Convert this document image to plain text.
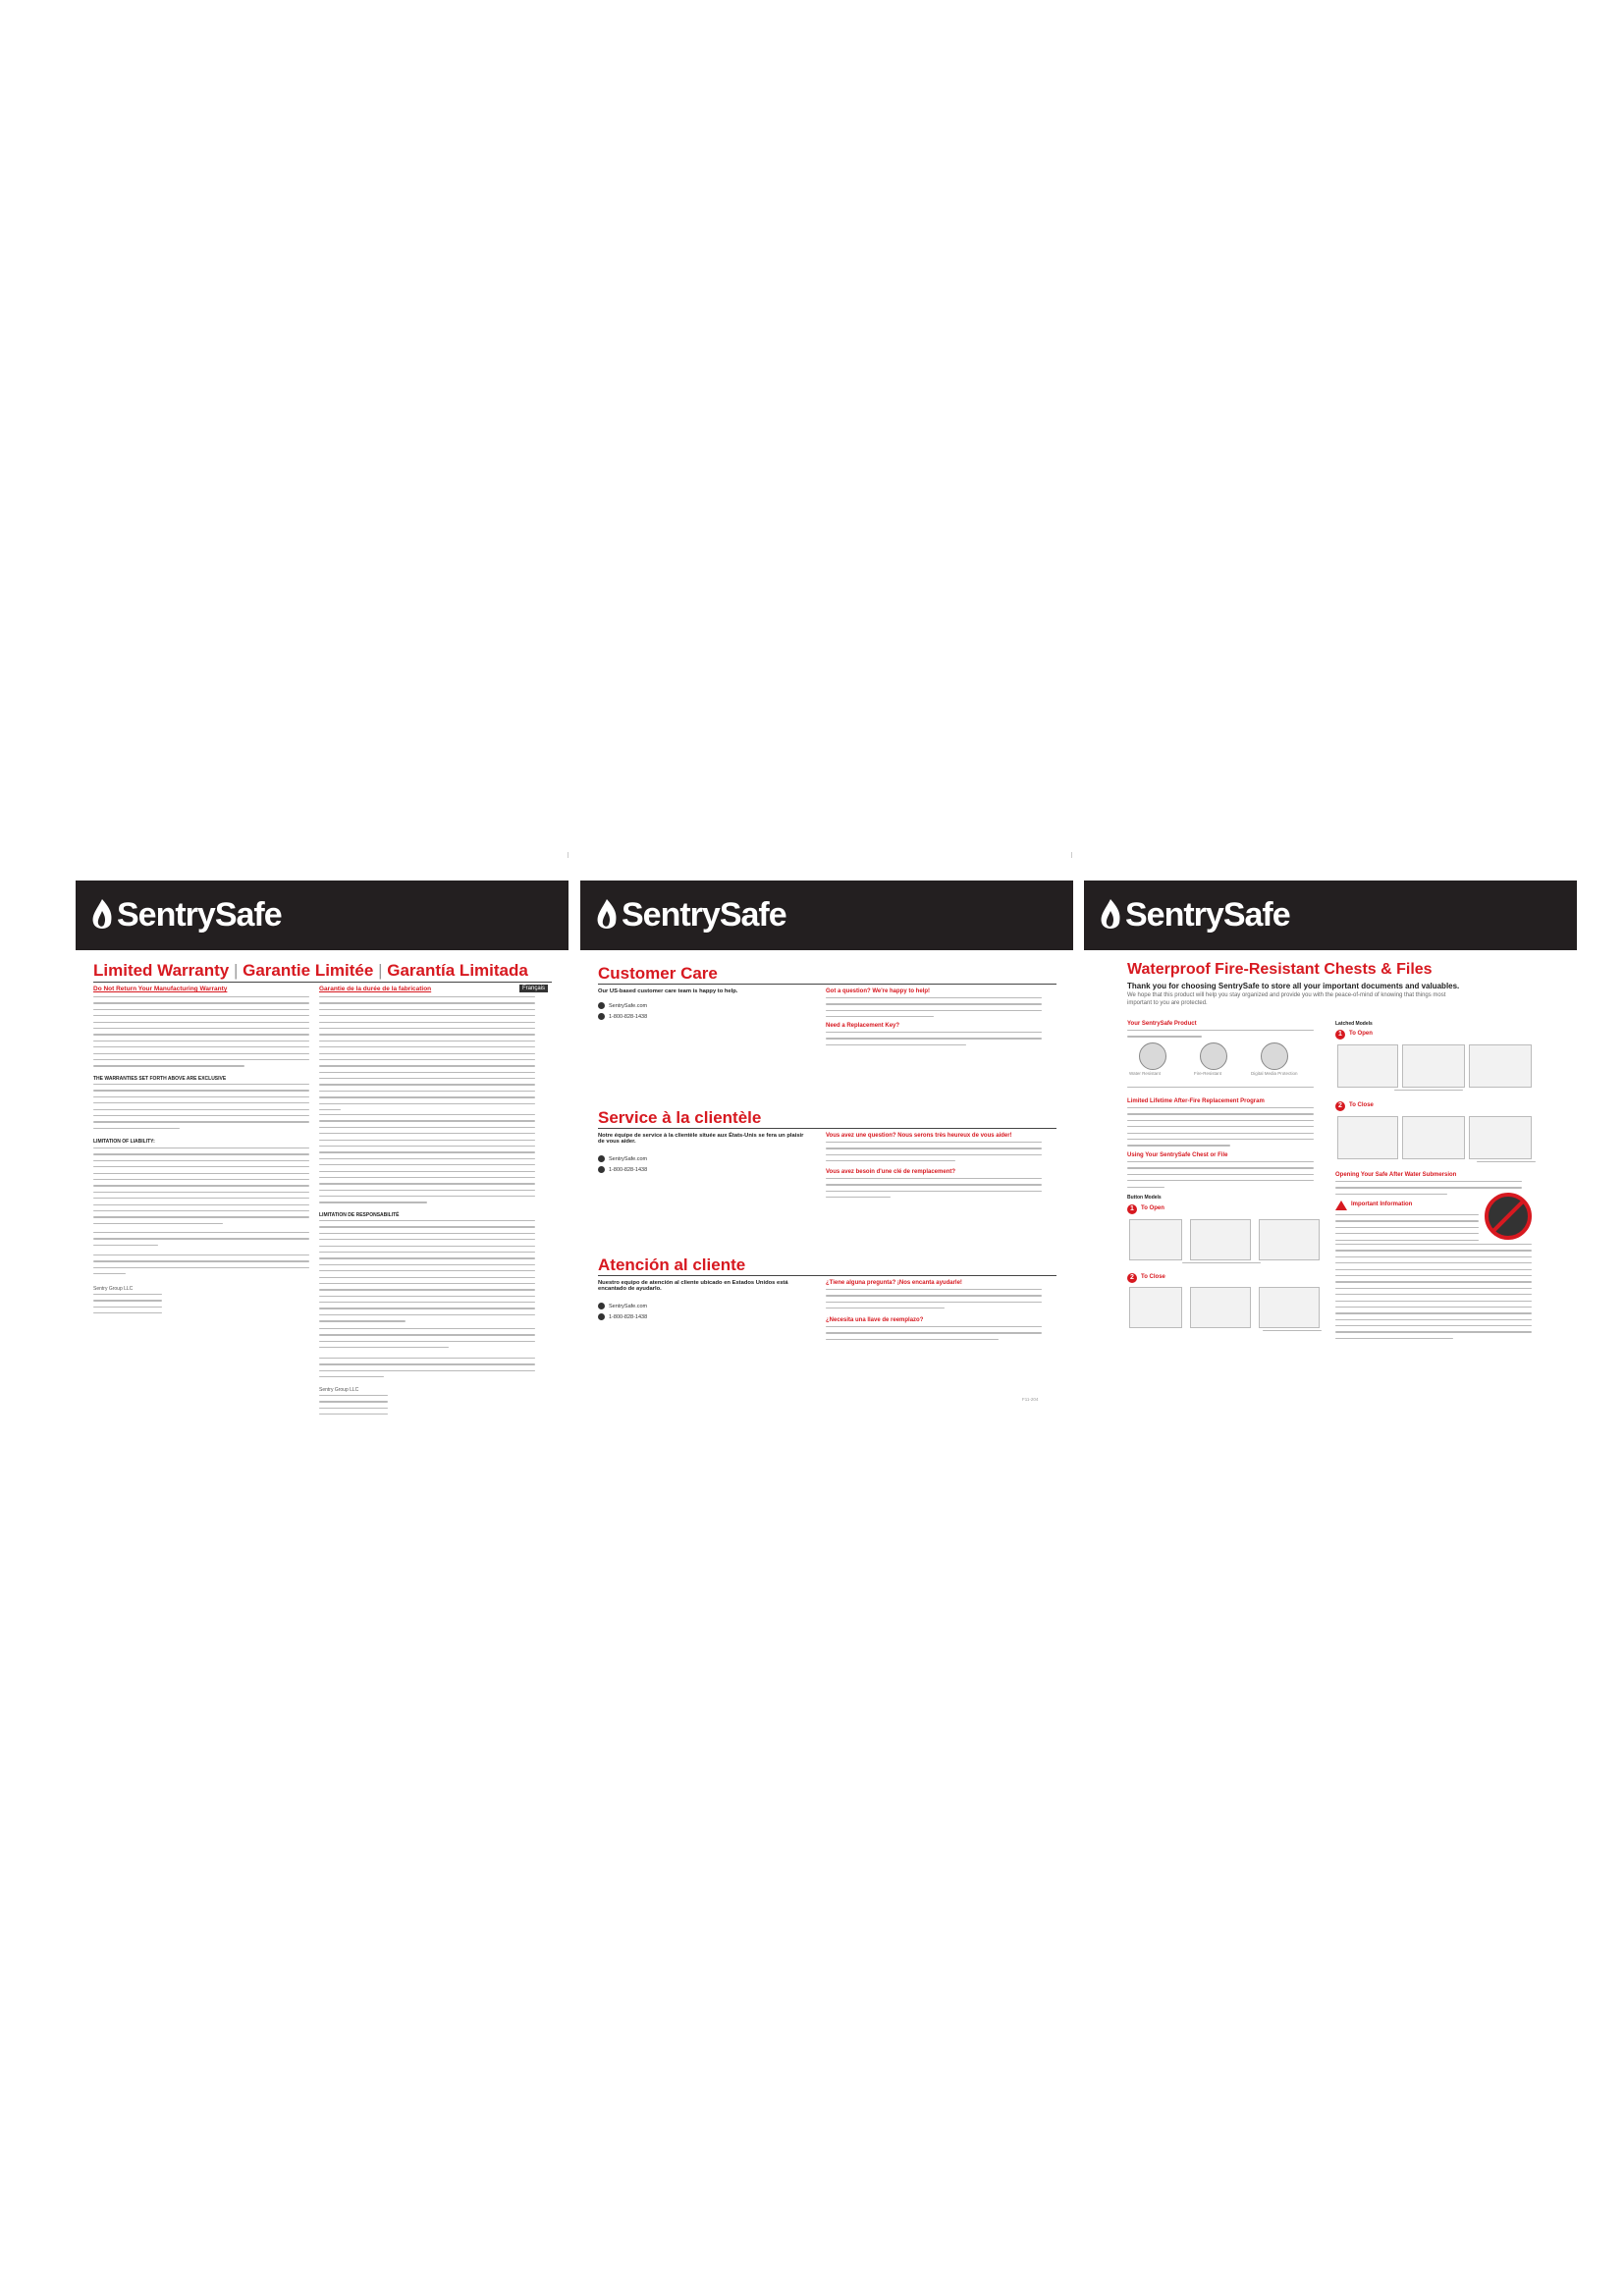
SentrySafe
Limited Warranty | Garantie Limitée | Garantía Limitada
Do Not Return Your Manufacturing Warranty	Garantie de la durée de la fabrication	Français
THE WARRANTIES SET FORTH ABOVE ARE EXCLUSIVE
LIMITATION OF LIABILITY:
Sentry Group LLC
LIMITATION DE RESPONSABILITÉ
Sentry Group LLC
SentrySafe
Customer Care
Our US-based customer care team is happy to help.
SentrySafe.com
1-800-828-1438
Got a question? We're happy to help!
Need a Replacement Key?
Service à la clientèle
Notre équipe de service à la clientèle située aux États-Unis se fera un plaisir de vous aider.
SentrySafe.com
1-800-828-1438
Vous avez une question? Nous serons très heureux de vous aider!
Vous avez besoin d'une clé de remplacement?
Atención al cliente
Nuestro equipo de atención al cliente ubicado en Estados Unidos está encantado de ayudarlo.
SentrySafe.com
1-800-828-1438
¿Tiene alguna pregunta? ¡Nos encanta ayudarle!
¿Necesita una llave de reemplazo?
F11-204
SentrySafe
Waterproof Fire-Resistant Chests & Files
Thank you for choosing SentrySafe to store all your important documents and valuables.
We hope that this product will help you stay organized and provide you with the peace-of-mind of knowing that things most important to you are protected.
Your SentrySafe Product
Water Resistant	Fire-Resistant	Digital Media Protection
Limited Lifetime After-Fire Replacement Program
Using Your SentrySafe Chest or File
Button Models
1	To Open
2	To Close
Latched Models
1	To Open
2	To Close
Opening Your Safe After Water Submersion
Important Information
